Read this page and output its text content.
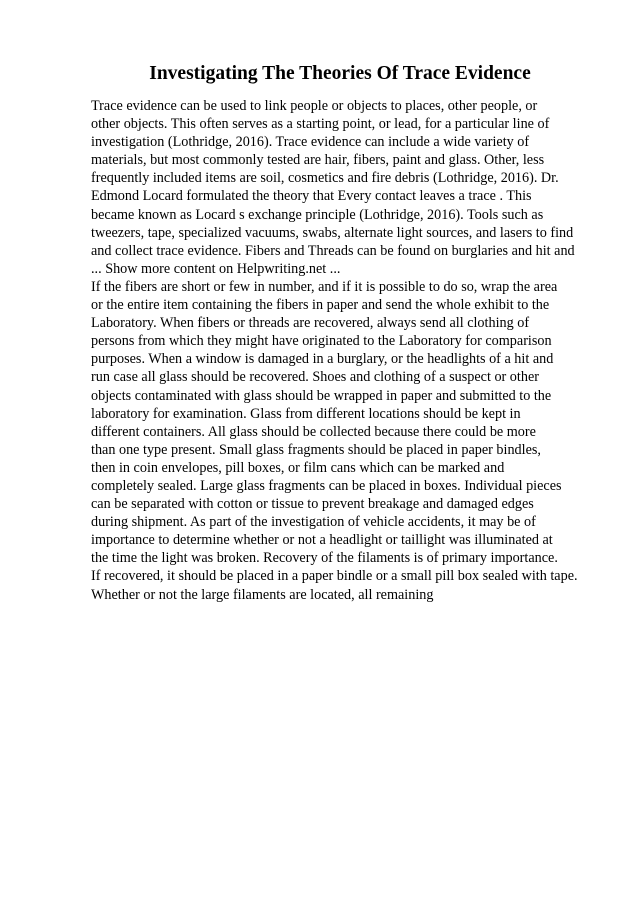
Investigating The Theories Of Trace Evidence
Trace evidence can be used to link people or objects to places, other people, or
other objects. This often serves as a starting point, or lead, for a particular line of
investigation (Lothridge, 2016). Trace evidence can include a wide variety of
materials, but most commonly tested are hair, fibers, paint and glass. Other, less
frequently included items are soil, cosmetics and fire debris (Lothridge, 2016). Dr.
Edmond Locard formulated the theory that Every contact leaves a trace . This
became known as Locard s exchange principle (Lothridge, 2016). Tools such as
tweezers, tape, specialized vacuums, swabs, alternate light sources, and lasers to find
and collect trace evidence. Fibers and Threads can be found on burglaries and hit and
... Show more content on Helpwriting.net ...
If the fibers are short or few in number, and if it is possible to do so, wrap the area
or the entire item containing the fibers in paper and send the whole exhibit to the
Laboratory. When fibers or threads are recovered, always send all clothing of
persons from which they might have originated to the Laboratory for comparison
purposes. When a window is damaged in a burglary, or the headlights of a hit and
run case all glass should be recovered. Shoes and clothing of a suspect or other
objects contaminated with glass should be wrapped in paper and submitted to the
laboratory for examination. Glass from different locations should be kept in
different containers. All glass should be collected because there could be more
than one type present. Small glass fragments should be placed in paper bindles,
then in coin envelopes, pill boxes, or film cans which can be marked and
completely sealed. Large glass fragments can be placed in boxes. Individual pieces
can be separated with cotton or tissue to prevent breakage and damaged edges
during shipment. As part of the investigation of vehicle accidents, it may be of
importance to determine whether or not a headlight or taillight was illuminated at
the time the light was broken. Recovery of the filaments is of primary importance.
If recovered, it should be placed in a paper bindle or a small pill box sealed with tape.
Whether or not the large filaments are located, all remaining
